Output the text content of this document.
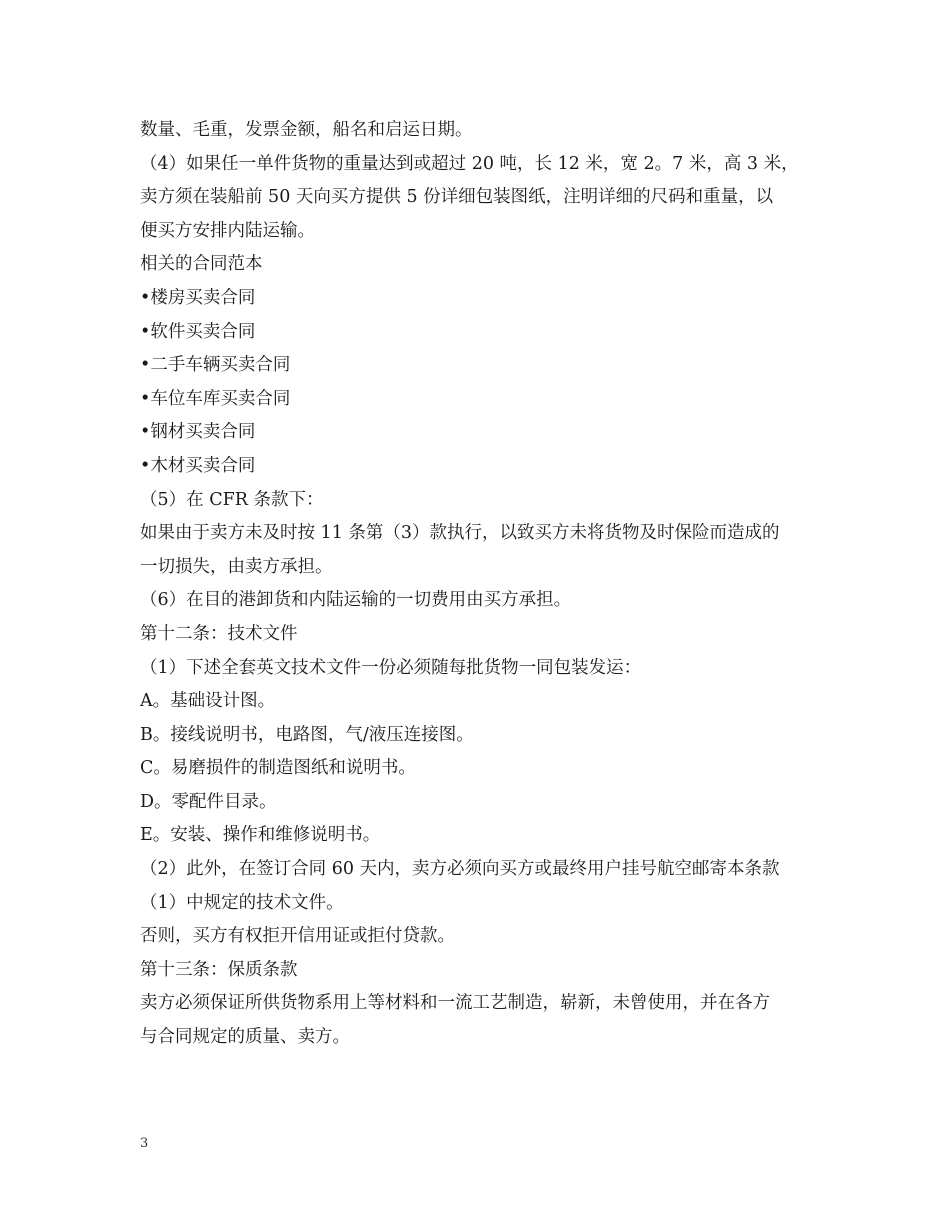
数量、毛重，发票金额，船名和启运日期。
（4）如果任一单件货物的重量达到或超过 20 吨，长 12 米，宽 2。7 米，高 3 米，
卖方须在装船前 50 天向买方提供 5 份详细包装图纸，注明详细的尺码和重量，以
便买方安排内陆运输。
相关的合同范本
•楼房买卖合同
•软件买卖合同
•二手车辆买卖合同
•车位车库买卖合同
•钢材买卖合同
•木材买卖合同
（5）在 CFR 条款下：
如果由于卖方未及时按 11 条第（3）款执行，以致买方未将货物及时保险而造成的
一切损失，由卖方承担。
（6）在目的港卸货和内陆运输的一切费用由买方承担。
第十二条：技术文件
（1）下述全套英文技术文件一份必须随每批货物一同包装发运：
A。基础设计图。
B。接线说明书，电路图，气/液压连接图。
C。易磨损件的制造图纸和说明书。
D。零配件目录。
E。安装、操作和维修说明书。
（2）此外，在签订合同 60 天内，卖方必须向买方或最终用户挂号航空邮寄本条款
（1）中规定的技术文件。
否则，买方有权拒开信用证或拒付贷款。
第十三条：保质条款
卖方必须保证所供货物系用上等材料和一流工艺制造，崭新，未曾使用，并在各方
与合同规定的质量、卖方。
3
